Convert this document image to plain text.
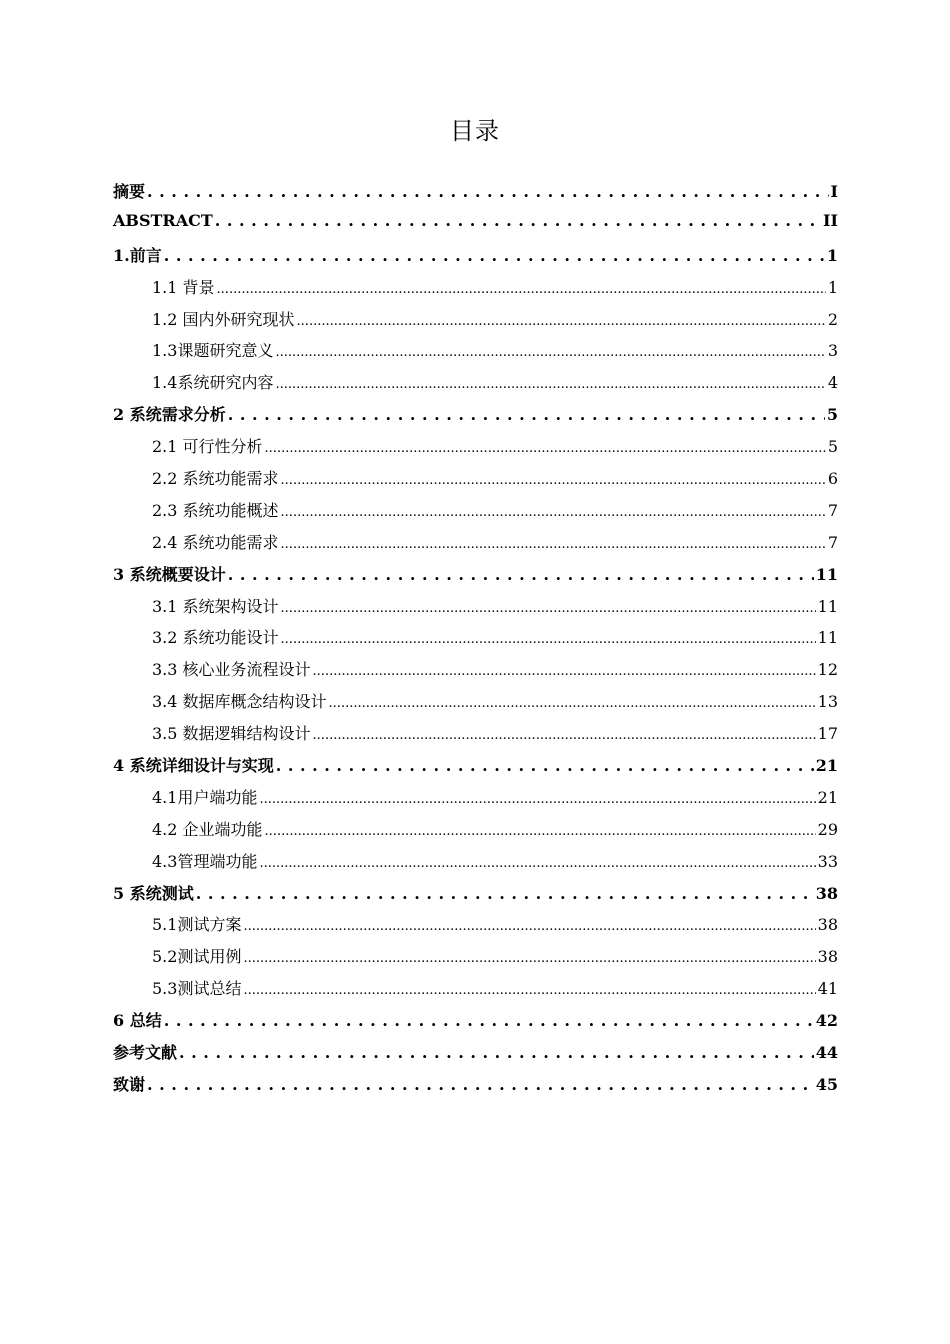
目录
摘要 . . .	I
ABSTRACT . . .	II
1.前言 . . .	1
1.1 背景 .....	1
1.2 国内外研究现状 .....	2
1.3课题研究意义 .....	3
1.4系统研究内容 .....	4
2 系统需求分析 . . .	5
2.1 可行性分析 .....	5
2.2 系统功能需求 .....	6
2.3 系统功能概述 .....	7
2.4 系统功能需求 .....	7
3 系统概要设计 . . .	11
3.1 系统架构设计 .....	11
3.2 系统功能设计 .....	11
3.3 核心业务流程设计 .....	12
3.4 数据库概念结构设计 .....	13
3.5 数据逻辑结构设计 .....	17
4 系统详细设计与实现 . . .	21
4.1用户端功能 .....	21
4.2 企业端功能 .....	29
4.3管理端功能 .....	33
5 系统测试 . . .	38
5.1测试方案 .....	38
5.2测试用例 .....	38
5.3测试总结 .....	41
6 总结 . . .	42
参考文献 . . .	44
致谢 . . .	45
